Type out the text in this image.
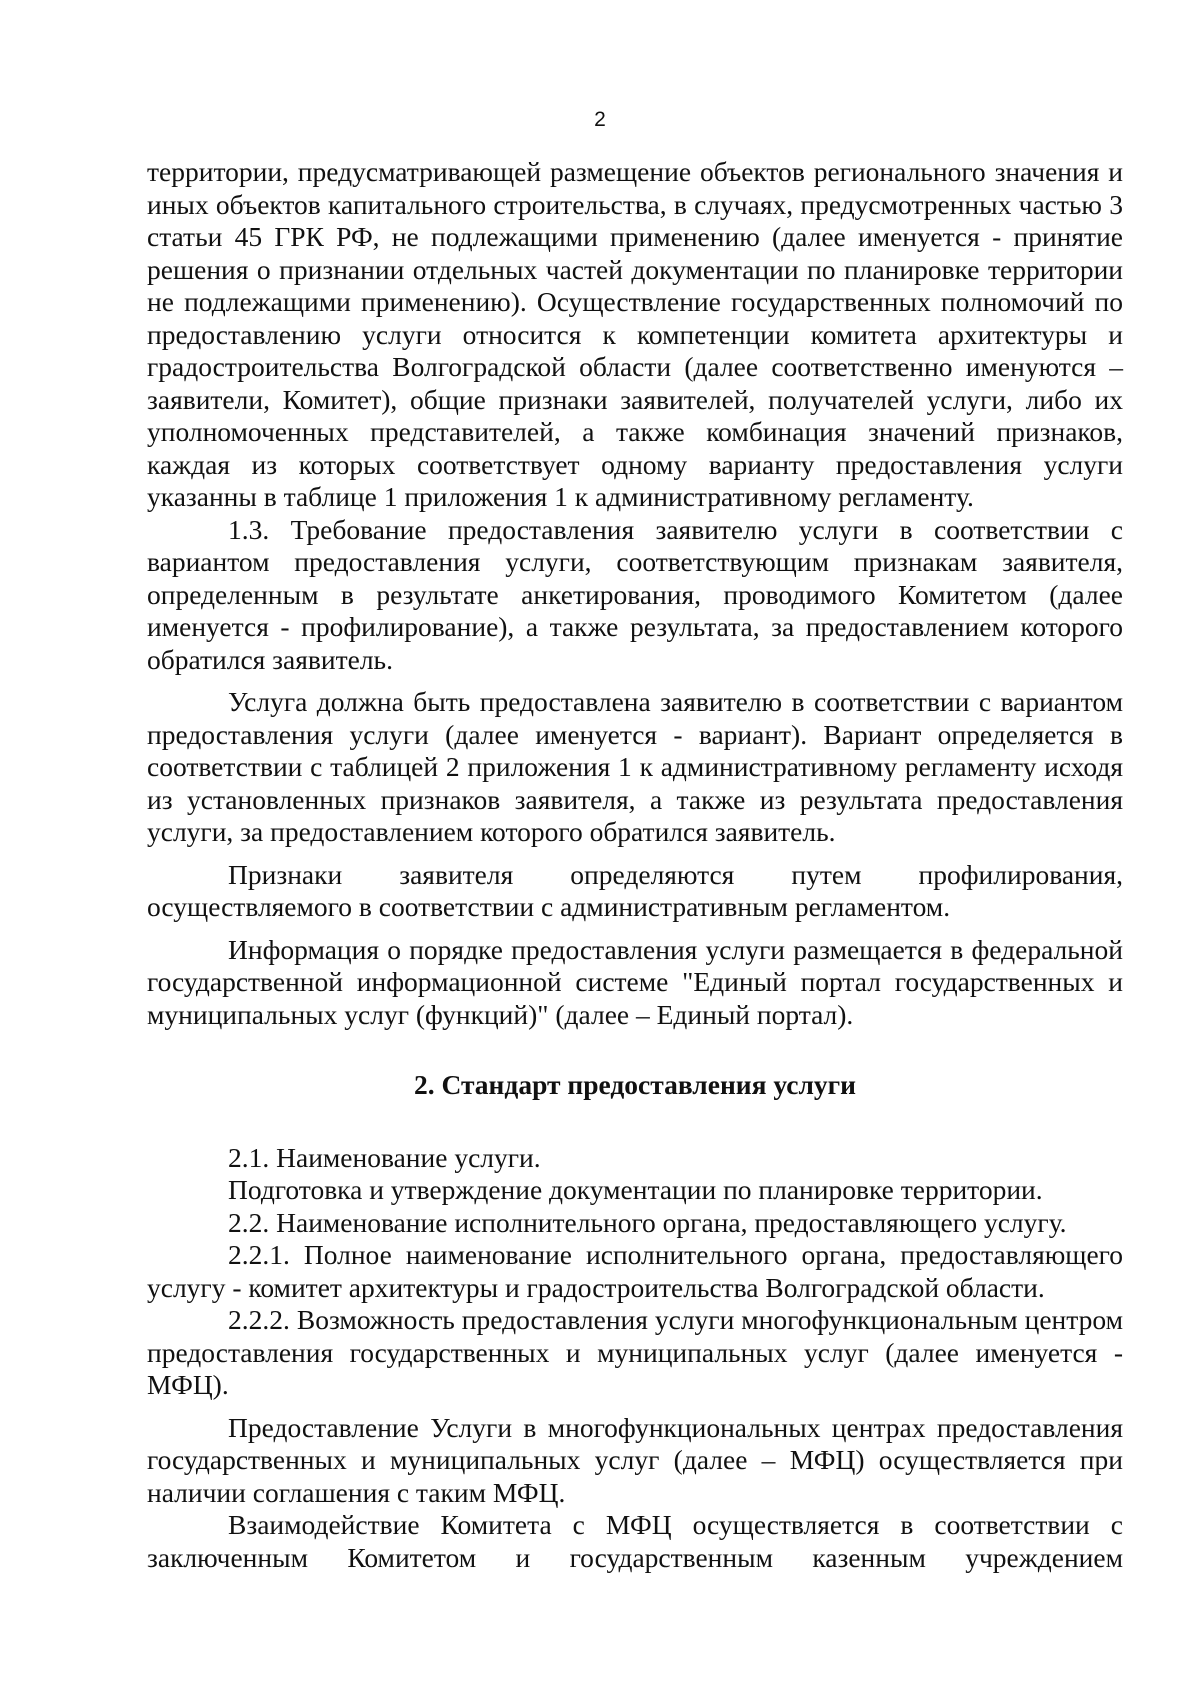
2

территории, предусматривающей размещение объектов регионального значения и иных объектов капитального строительства, в случаях, предусмотренных частью 3 статьи 45 ГРК РФ, не подлежащими применению (далее именуется - принятие решения о признании отдельных частей документации по планировке территории не подлежащими применению). Осуществление государственных полномочий по предоставлению услуги относится к компетенции комитета архитектуры и градостроительства Волгоградской области (далее соответственно именуются – заявители, Комитет), общие признаки заявителей, получателей услуги, либо их уполномоченных представителей, а также комбинация значений признаков, каждая из которых соответствует одному варианту предоставления услуги указанны в таблице 1 приложения 1 к административному регламенту.

1.3. Требование предоставления заявителю услуги в соответствии с вариантом предоставления услуги, соответствующим признакам заявителя, определенным в результате анкетирования, проводимого Комитетом (далее именуется - профилирование), а также результата, за предоставлением которого обратился заявитель.

Услуга должна быть предоставлена заявителю в соответствии с вариантом предоставления услуги (далее именуется - вариант). Вариант определяется в соответствии с таблицей 2 приложения 1 к административному регламенту исходя из установленных признаков заявителя, а также из результата предоставления услуги, за предоставлением которого обратился заявитель.

Признаки заявителя определяются путем профилирования, осуществляемого в соответствии с административным регламентом.

Информация о порядке предоставления услуги размещается в федеральной государственной информационной системе "Единый портал государственных и муниципальных услуг (функций)" (далее – Единый портал).

2. Стандарт предоставления услуги

2.1. Наименование услуги.

Подготовка и утверждение документации по планировке территории.

2.2. Наименование исполнительного органа, предоставляющего услугу.

2.2.1. Полное наименование исполнительного органа, предоставляющего услугу - комитет архитектуры и градостроительства Волгоградской области.

2.2.2. Возможность предоставления услуги многофункциональным центром предоставления государственных и муниципальных услуг (далее именуется - МФЦ).

Предоставление Услуги в многофункциональных центрах предоставления государственных и муниципальных услуг (далее – МФЦ) осуществляется при наличии соглашения с таким МФЦ.

Взаимодействие Комитета с МФЦ осуществляется в соответствии с заключенным Комитетом и государственным казенным учреждением
